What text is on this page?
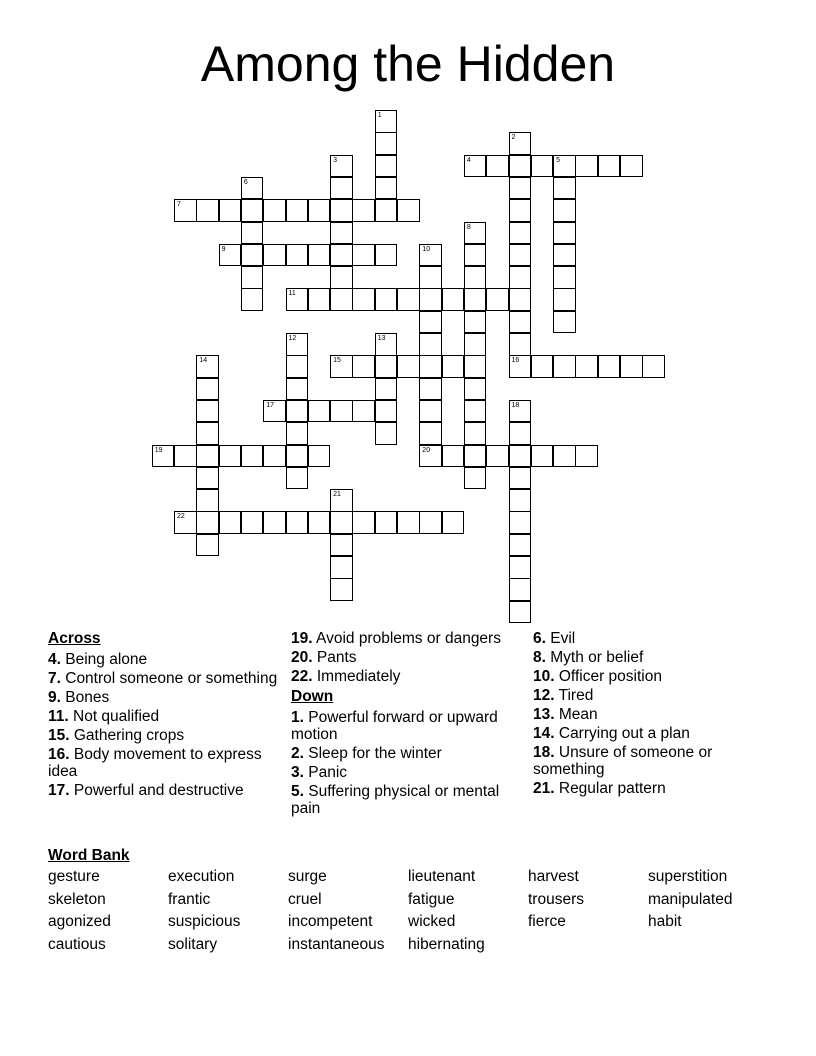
Among the Hidden
4	5
7
9
11
15	16
17
19	20
22
1
2
3
6
8
10
12	13
14
18
21
Across
4. Being alone
7. Control someone or something
9. Bones
11. Not qualified
15. Gathering crops
16. Body movement to express idea
17. Powerful and destructive
19. Avoid problems or dangers
20. Pants
22. Immediately
Down
1. Powerful forward or upward motion
2. Sleep for the winter
3. Panic
5. Suffering physical or mental pain
6. Evil
8. Myth or belief
10. Officer position
12. Tired
13. Mean
14. Carrying out a plan
18. Unsure of someone or something
21. Regular pattern
Word Bank
gesture	execution	surge	lieutenant	harvest	superstition
skeleton	frantic	cruel	fatigue	trousers	manipulated
agonized	suspicious	incompetent	wicked	fierce	habit
cautious	solitary	instantaneous	hibernating
